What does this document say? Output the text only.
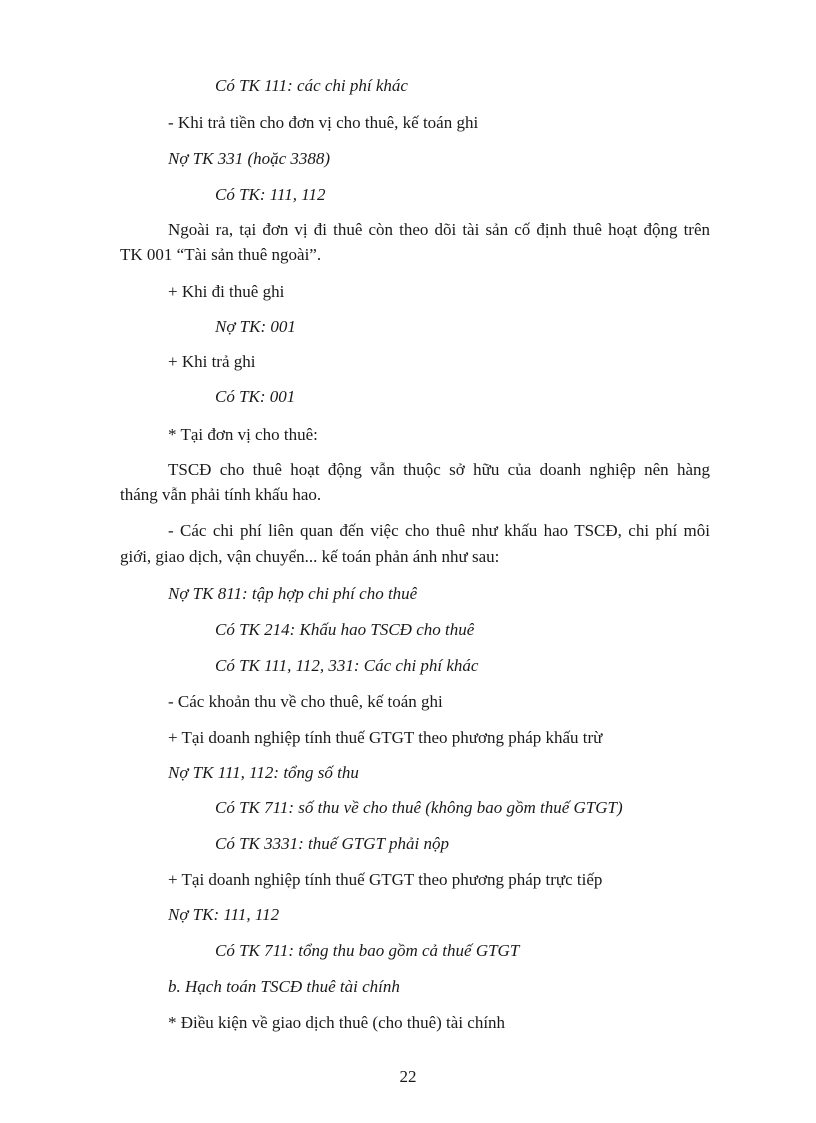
Có TK 111: các chi phí khác
- Khi trả tiền cho đơn vị cho thuê, kế toán ghi
Nợ TK 331 (hoặc 3388)
Có TK: 111, 112
Ngoài ra, tại đơn vị đi thuê còn theo dõi tài sản cố định thuê hoạt động trên
TK 001 “Tài sản thuê ngoài”.
+ Khi đi thuê ghi
Nợ TK: 001
+ Khi trả ghi
Có TK: 001
* Tại đơn vị cho thuê:
TSCĐ cho thuê hoạt động vẫn thuộc sở hữu của doanh nghiệp nên hàng
tháng vẫn phải tính khấu hao.
- Các chi phí liên quan đến việc cho thuê như khấu hao TSCĐ, chi phí môi
giới, giao dịch, vận chuyển... kế toán phản ánh như sau:
Nợ TK 811: tập hợp chi phí cho thuê
Có TK 214: Khấu hao TSCĐ cho thuê
Có TK 111, 112, 331: Các chi phí khác
- Các khoản thu về cho thuê, kế toán ghi
+ Tại doanh nghiệp tính thuế GTGT theo phương pháp khấu trừ
Nợ TK 111, 112: tổng số thu
Có TK 711: số thu về cho thuê (không bao gồm thuế GTGT)
Có TK 3331: thuế GTGT phải nộp
+ Tại doanh nghiệp tính thuế GTGT theo phương pháp trực tiếp
Nợ TK: 111, 112
Có TK 711: tổng thu bao gồm cả thuế GTGT
b. Hạch toán TSCĐ thuê tài chính
* Điều kiện về giao dịch thuê (cho thuê) tài chính
22
